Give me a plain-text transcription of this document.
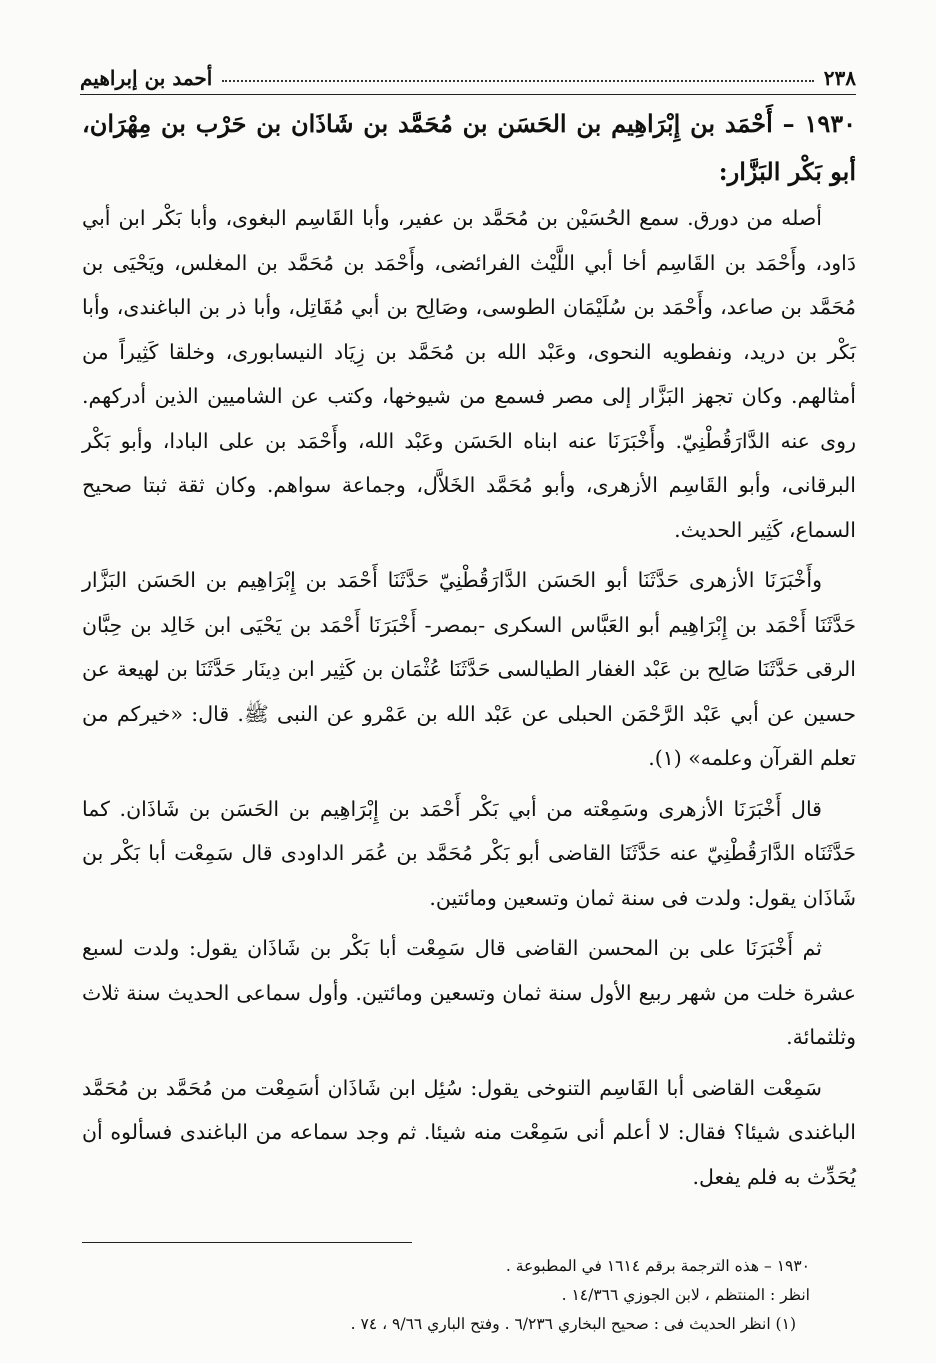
٢٣٨
أحمد بن إبراهيم
١٩٣٠ – أَحْمَد بن إِبْرَاهِيم بن الحَسَن بن مُحَمَّد بن شَاذَان بن حَرْب بن مِهْرَان، أبو بَكْر البَزَّار:

أصله من دورق. سمع الحُسَيْن بن مُحَمَّد بن عفير، وأبا القَاسِم البغوى، وأبا بَكْر ابن أبي دَاود، وأَحْمَد بن القَاسِم أخا أبي اللَّيْث الفرائضى، وأَحْمَد بن مُحَمَّد بن المغلس، ويَحْيَى بن مُحَمَّد بن صاعد، وأَحْمَد بن سُلَيْمَان الطوسى، وصَالِح بن أبي مُقَاتِل، وأبا ذر بن الباغندى، وأبا بَكْر بن دريد، ونفطويه النحوى، وعَبْد الله بن مُحَمَّد بن زِيَاد النيسابورى، وخلقا كَثِيراً من أمثالهم. وكان تجهز البَزَّار إلى مصر فسمع من شيوخها، وكتب عن الشاميين الذين أدركهم. روى عنه الدَّارَقُطْنِيّ. وأَخْبَرَنَا عنه ابناه الحَسَن وعَبْد الله، وأَحْمَد بن على البادا، وأبو بَكْر البرقانى، وأبو القَاسِم الأزهرى، وأبو مُحَمَّد الخَلاَّل، وجماعة سواهم. وكان ثقة ثبتا صحيح السماع، كَثِير الحديث.

وأَخْبَرَنَا الأزهرى حَدَّثَنَا أبو الحَسَن الدَّارَقُطْنِيّ حَدَّثَنَا أَحْمَد بن إِبْرَاهِيم بن الحَسَن البَزَّار حَدَّثَنَا أَحْمَد بن إِبْرَاهِيم أبو العَبَّاس السكرى -بمصر- أَخْبَرَنَا أَحْمَد بن يَحْيَى ابن خَالِد بن حِبَّان الرقى حَدَّثَنَا صَالِح بن عَبْد الغفار الطيالسى حَدَّثَنَا عُثْمَان بن كَثِير ابن دِينَار حَدَّثَنَا بن لهيعة عن حسين عن أبي عَبْد الرَّحْمَن الحبلى عن عَبْد الله بن عَمْرو عن النبى ﷺ. قال: «خيركم من تعلم القرآن وعلمه» (١).

قال أَخْبَرَنَا الأزهرى وسَمِعْته من أبي بَكْر أَحْمَد بن إِبْرَاهِيم بن الحَسَن بن شَاذَان. كما حَدَّثَنَاه الدَّارَقُطْنِيّ عنه حَدَّثَنَا القاضى أبو بَكْر مُحَمَّد بن عُمَر الداودى قال سَمِعْت أبا بَكْر بن شَاذَان يقول: ولدت فى سنة ثمان وتسعين ومائتين.

ثم أَخْبَرَنَا على بن المحسن القاضى قال سَمِعْت أبا بَكْر بن شَاذَان يقول: ولدت لسبع عشرة خلت من شهر ربيع الأول سنة ثمان وتسعين ومائتين. وأول سماعى الحديث سنة ثلاث وثلثمائة.

سَمِعْت القاضى أبا القَاسِم التنوخى يقول: سُئِل ابن شَاذَان أسَمِعْت من مُحَمَّد بن مُحَمَّد الباغندى شيئا؟ فقال: لا أعلم أنى سَمِعْت منه شيئا. ثم وجد سماعه من الباغندى فسألوه أن يُحَدِّث به فلم يفعل.

١٩٣٠ – هذه الترجمة برقم ١٦١٤ في المطبوعة .
انظر : المنتظم ، لابن الجوزي ١٤/٣٦٦ .
(١) انظر الحديث فى : صحيح البخاري ٦/٢٣٦ . وفتح الباري ٩/٦٦ ، ٧٤ .
